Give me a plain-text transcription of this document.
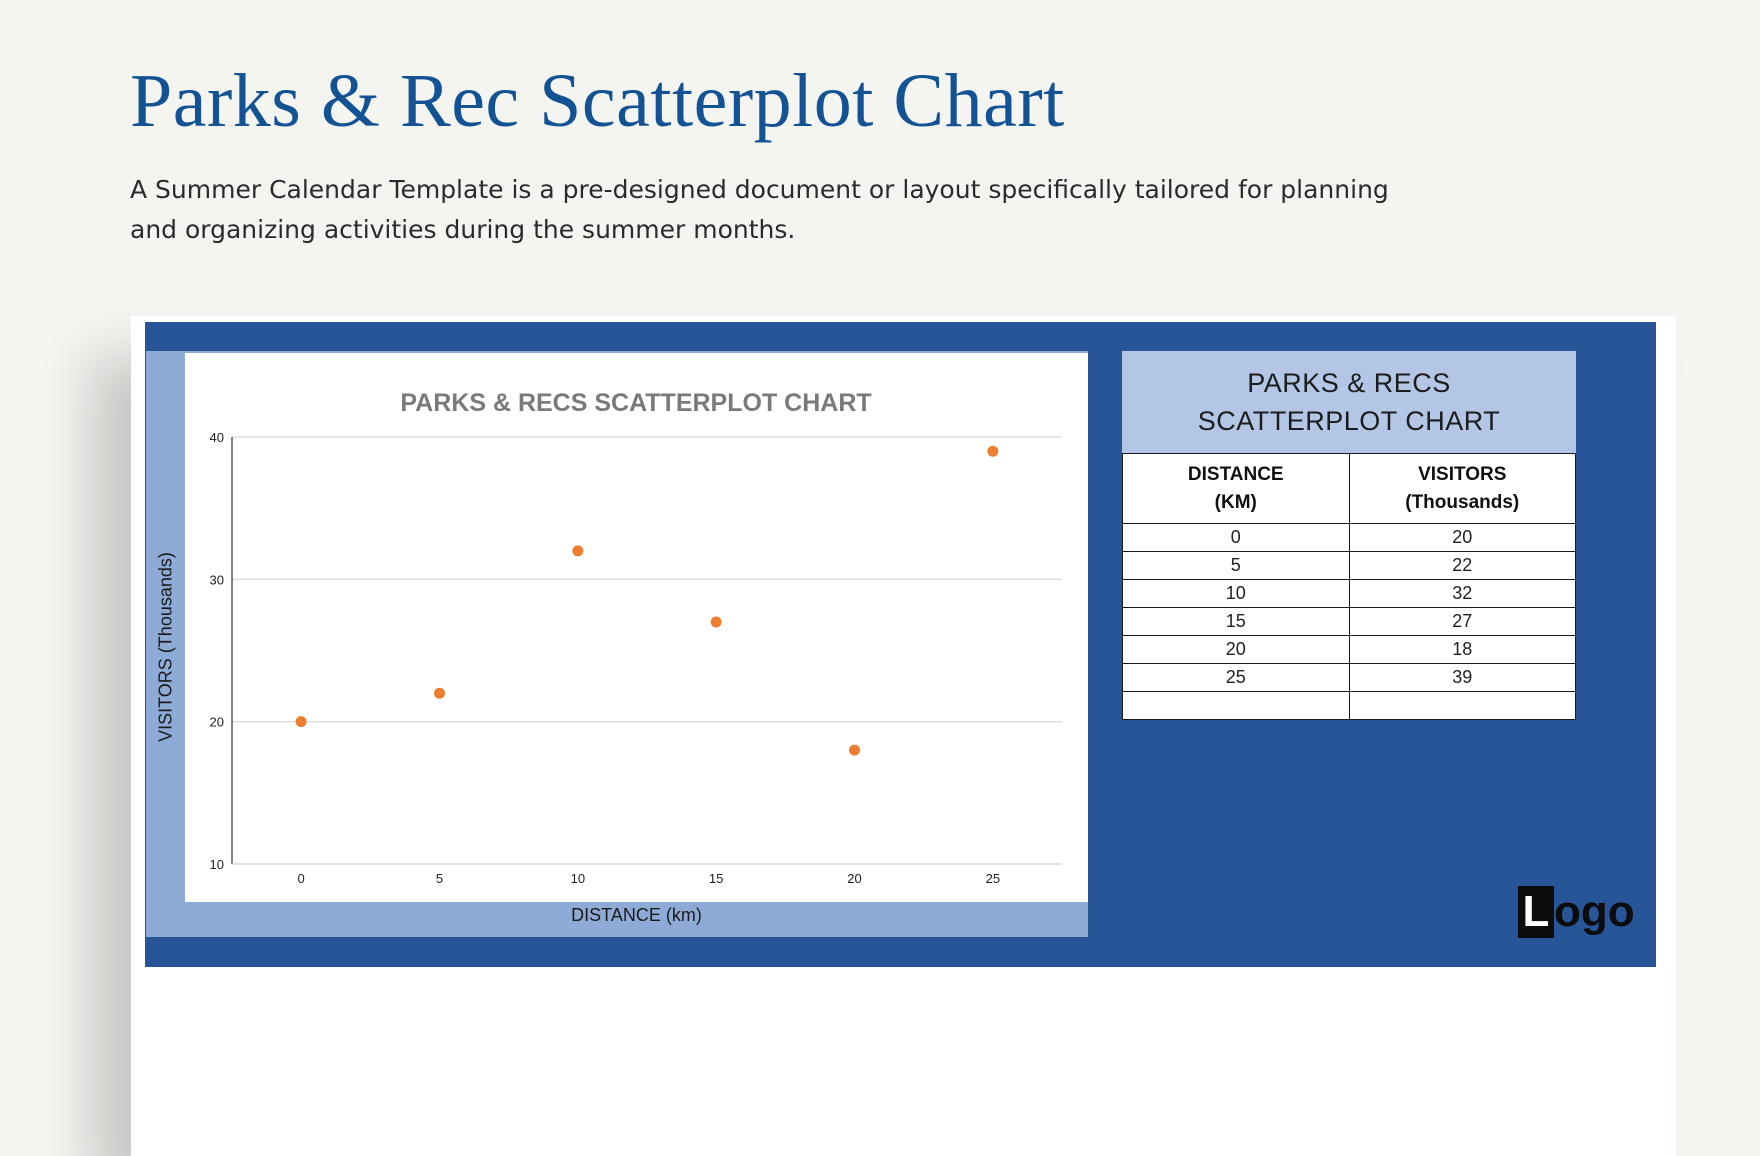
Parks & Rec Scatterplot Chart

A Summer Calendar Template is a pre-designed document or layout specifically tailored for planning and organizing activities during the summer months.

PARKS & RECS SCATTERPLOT CHART
10
20
30
40
0	5	10	15	20	25
DISTANCE (km)
VISITORS (Thousands)
PARKS & RECS
SCATTERPLOT CHART
DISTANCE
(KM)	VISITORS
(Thousands)
0	20
5	22
10	32
15	27
20	18
25	39

L ogo
